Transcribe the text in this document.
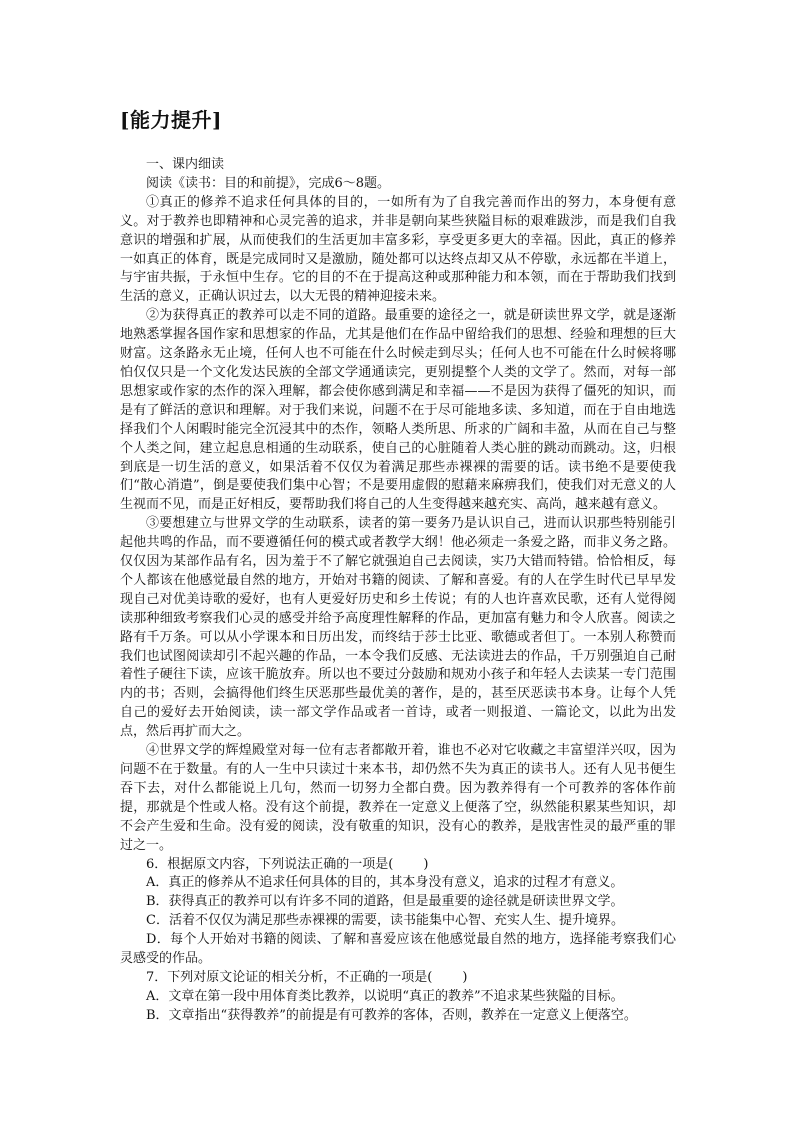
[能力提升]

一、课内细读

阅读《读书：目的和前提》，完成6～8题。

①真正的修养不追求任何具体的目的，一如所有为了自我完善而作出的努力，本身便有意义。对于教养也即精神和心灵完善的追求，并非是朝向某些狭隘目标的艰难跋涉，而是我们自我意识的增强和扩展，从而使我们的生活更加丰富多彩，享受更多更大的幸福。因此，真正的修养一如真正的体育，既是完成同时又是激励，随处都可以达终点却又从不停歇，永远都在半道上，与宇宙共振，于永恒中生存。它的目的不在于提高这种或那种能力和本领，而在于帮助我们找到生活的意义，正确认识过去，以大无畏的精神迎接未来。

②为获得真正的教养可以走不同的道路。最重要的途径之一，就是研读世界文学，就是逐渐地熟悉掌握各国作家和思想家的作品，尤其是他们在作品中留给我们的思想、经验和理想的巨大财富。这条路永无止境，任何人也不可能在什么时候走到尽头；任何人也不可能在什么时候将哪怕仅仅只是一个文化发达民族的全部文学通通读完，更别提整个人类的文学了。然而，对每一部思想家或作家的杰作的深入理解，都会使你感到满足和幸福——不是因为获得了僵死的知识，而是有了鲜活的意识和理解。对于我们来说，问题不在于尽可能地多读、多知道，而在于自由地选择我们个人闲暇时能完全沉浸其中的杰作，领略人类所思、所求的广阔和丰盈，从而在自己与整个人类之间，建立起息息相通的生动联系，使自己的心脏随着人类心脏的跳动而跳动。这，归根到底是一切生活的意义，如果活着不仅仅为着满足那些赤裸裸的需要的话。读书绝不是要使我们“散心消遣”，倒是要使我们集中心智；不是要用虚假的慰藉来麻痹我们，使我们对无意义的人生视而不见，而是正好相反，要帮助我们将自己的人生变得越来越充实、高尚，越来越有意义。

③要想建立与世界文学的生动联系，读者的第一要务乃是认识自己，进而认识那些特别能引起他共鸣的作品，而不要遵循任何的模式或者教学大纲！他必须走一条爱之路，而非义务之路。仅仅因为某部作品有名，因为羞于不了解它就强迫自己去阅读，实乃大错而特错。恰恰相反，每个人都该在他感觉最自然的地方，开始对书籍的阅读、了解和喜爱。有的人在学生时代已早早发现自己对优美诗歌的爱好，也有人更爱好历史和乡土传说；有的人也许喜欢民歌，还有人觉得阅读那种细致考察我们心灵的感受并给予高度理性解释的作品，更加富有魅力和令人欣喜。阅读之路有千万条。可以从小学课本和日历出发，而终结于莎士比亚、歌德或者但丁。一本别人称赞而我们也试图阅读却引不起兴趣的作品，一本令我们反感、无法读进去的作品，千万别强迫自己耐着性子硬往下读，应该干脆放弃。所以也不要过分鼓励和规劝小孩子和年轻人去读某一专门范围内的书；否则，会搞得他们终生厌恶那些最优美的著作，是的，甚至厌恶读书本身。让每个人凭自己的爱好去开始阅读，读一部文学作品或者一首诗，或者一则报道、一篇论文，以此为出发点，然后再扩而大之。

④世界文学的辉煌殿堂对每一位有志者都敞开着，谁也不必对它收藏之丰富望洋兴叹，因为问题不在于数量。有的人一生中只读过十来本书，却仍然不失为真正的读书人。还有人见书便生吞下去，对什么都能说上几句，然而一切努力全都白费。因为教养得有一个可教养的客体作前提，那就是个性或人格。没有这个前提，教养在一定意义上便落了空，纵然能积累某些知识，却不会产生爱和生命。没有爱的阅读，没有敬重的知识，没有心的教养，是戕害性灵的最严重的罪过之一。

6．根据原文内容，下列说法正确的一项是( )

A．真正的修养从不追求任何具体的目的，其本身没有意义，追求的过程才有意义。

B．获得真正的教养可以有许多不同的道路，但是最重要的途径就是研读世界文学。

C．活着不仅仅为满足那些赤裸裸的需要，读书能集中心智、充实人生、提升境界。

D．每个人开始对书籍的阅读、了解和喜爱应该在他感觉最自然的地方，选择能考察我们心灵感受的作品。

7．下列对原文论证的相关分析，不正确的一项是( )

A．文章在第一段中用体育类比教养，以说明“真正的教养”不追求某些狭隘的目标。

B．文章指出“获得教养”的前提是有可教养的客体，否则，教养在一定意义上便落空。
